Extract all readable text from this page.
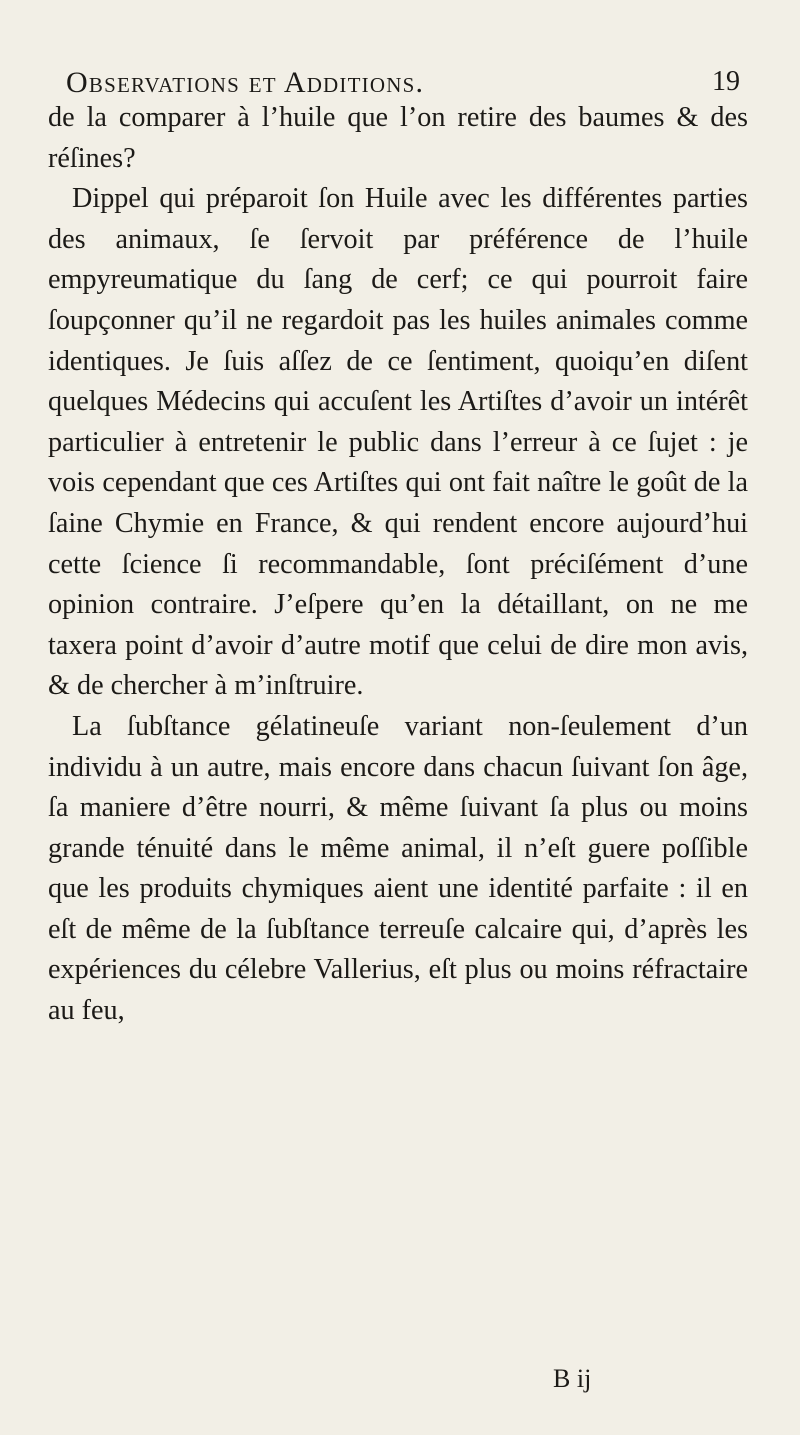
Observations et Additions.	19

de la comparer à l’huile que l’on retire des baumes & des réſines?

Dippel qui préparoit ſon Huile avec les différentes parties des animaux, ſe ſervoit par préférence de l’huile empyreumatique du ſang de cerf; ce qui pourroit faire ſoupçonner qu’il ne regardoit pas les huiles animales comme identiques. Je ſuis aſſez de ce ſentiment, quoiqu’en diſent quelques Médecins qui accuſent les Artiſtes d’avoir un intérêt particulier à entretenir le public dans l’erreur à ce ſujet : je vois cependant que ces Artiſtes qui ont fait naître le goût de la ſaine Chymie en France, & qui rendent encore aujourd’hui cette ſcience ſi recommandable, ſont préciſément d’une opinion contraire. J’eſpere qu’en la détaillant, on ne me taxera point d’avoir d’autre motif que celui de dire mon avis, & de chercher à m’inſtruire.

La ſubſtance gélatineuſe variant non-ſeulement d’un individu à un autre, mais encore dans chacun ſuivant ſon âge, ſa maniere d’être nourri, & même ſuivant ſa plus ou moins grande ténuité dans le même animal, il n’eſt guere poſſible que les produits chymiques aient une identité parfaite : il en eſt de même de la ſubſtance terreuſe calcaire qui, d’après les expériences du célebre Vallerius, eſt plus ou moins réfractaire au feu,

B ij
